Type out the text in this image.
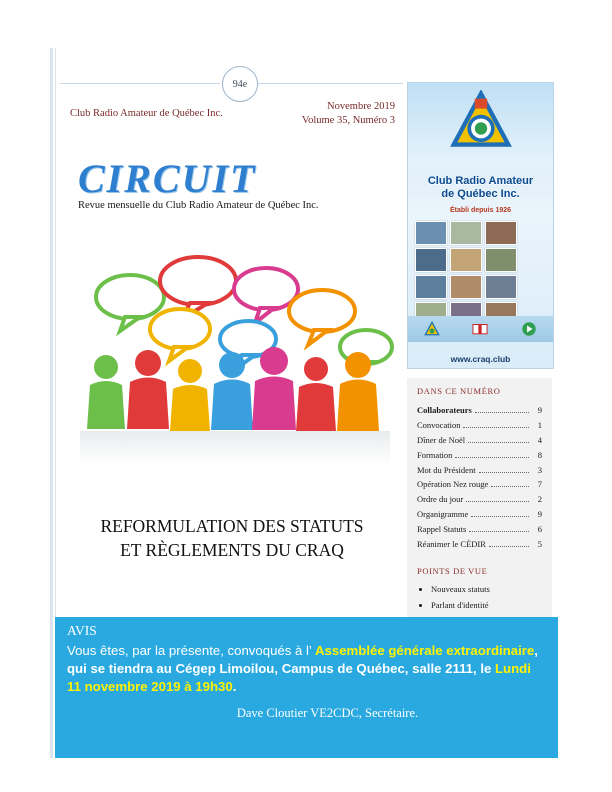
94e
Club Radio Amateur de Québec Inc.
Novembre 2019
Volume 35, Numéro 3
CIRCUIT
Revue mensuelle du Club Radio Amateur de Québec Inc.
REFORMULATION DES STATUTS
ET RÈGLEMENTS DU CRAQ
Club Radio Amateur
de Québec Inc.
Établi depuis 1926
www.craq.club
DANS CE NUMÉRO
Collaborateurs	9
Convocation	1
Dîner de Noël	4
Formation	8
Mot du Président	3
Opération Nez rouge	7
Ordre du jour	2
Organigramme	9
Rappel Statuts	6
Réanimer le CÉDIR	5
POINTS DE VUE
• Nouveaux statuts
• Parlant d'identité
•
AVIS
Vous êtes, par la présente, convoqués à l’ Assemblée générale extraordinaire, qui se tiendra au Cégep Limoilou, Campus de Québec, salle 2111, le Lundi 11 novembre 2019 à 19h30.
Dave Cloutier VE2CDC, Secrétaire.
